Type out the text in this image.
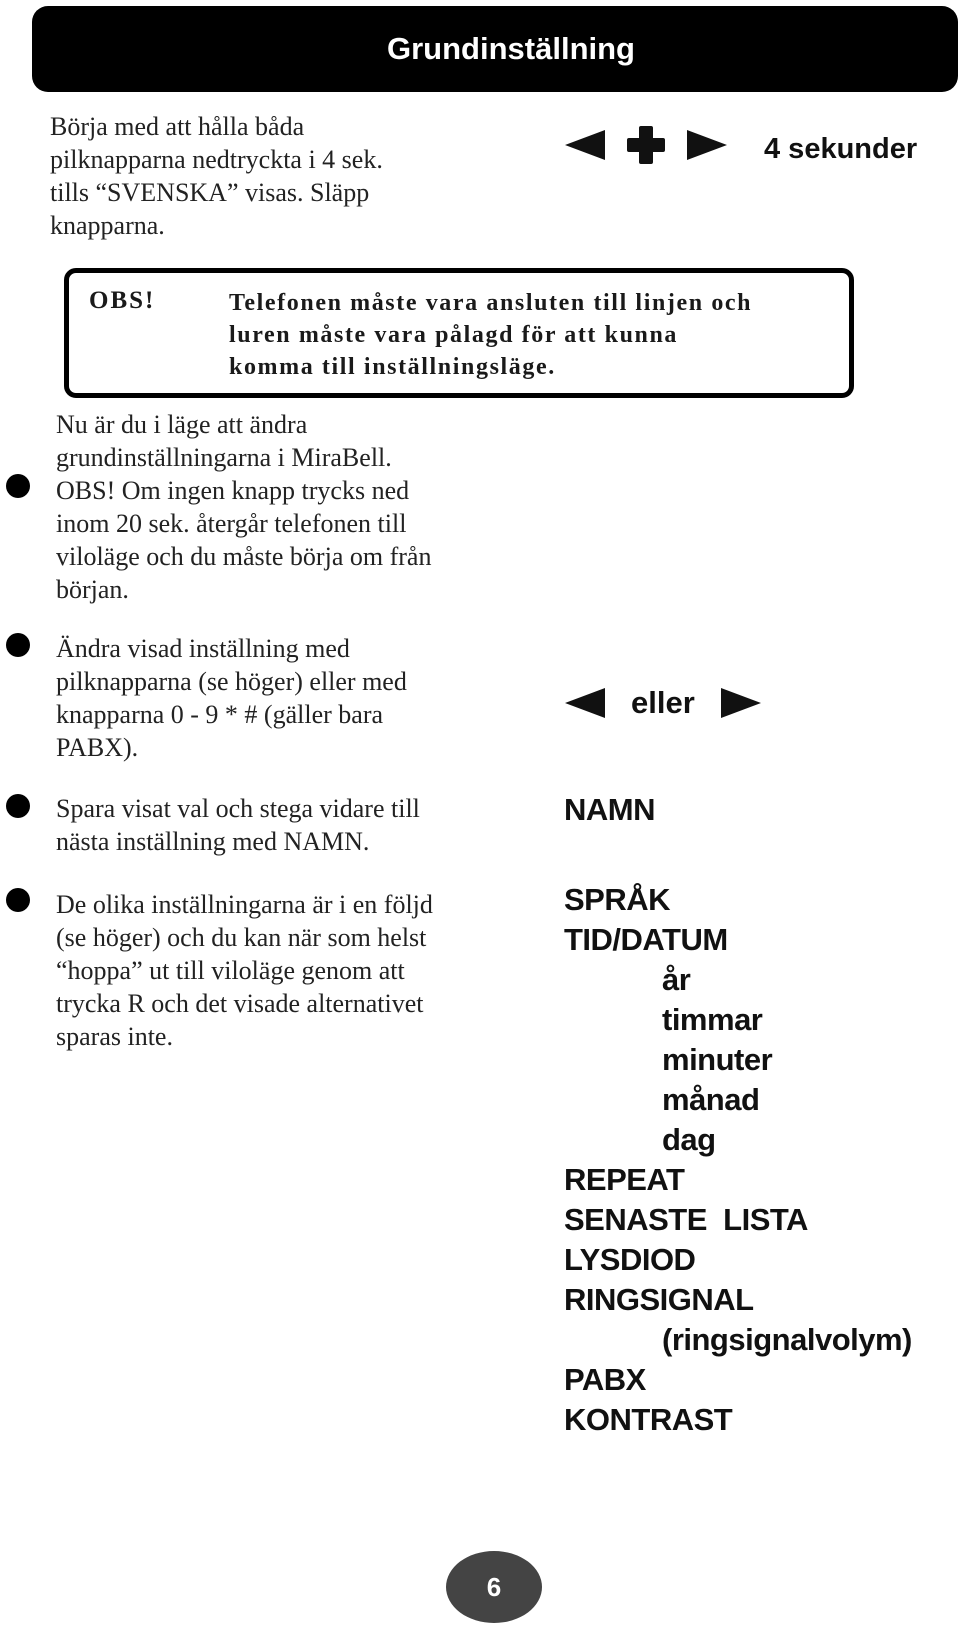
Grundinställning
Börja med att hålla båda
pilknapparna nedtryckta i 4 sek.
tills “SVENSKA” visas. Släpp
knapparna.
4 sekunder
OBS!	Telefonen måste vara ansluten till linjen och
luren måste vara pålagd för att kunna
komma till inställningsläge.
Nu är du i läge att ändra
grundinställningarna i MiraBell.
OBS! Om ingen knapp trycks ned
inom 20 sek. återgår telefonen till
viloläge och du måste börja om från
början.
Ändra visad inställning med
pilknapparna (se höger) eller med
knapparna 0 - 9 * # (gäller bara
PABX).
eller
Spara visat val och stega vidare till
nästa inställning med NAMN.
NAMN
De olika inställningarna är i en följd
(se höger) och du kan när som helst
“hoppa” ut till viloläge genom att
trycka R och det visade alternativet
sparas inte.
SPRÅK
TID/DATUM
år
timmar
minuter
månad
dag
REPEAT
SENASTE  LISTA
LYSDIOD
RINGSIGNAL
(ringsignalvolym)
PABX
KONTRAST
6
